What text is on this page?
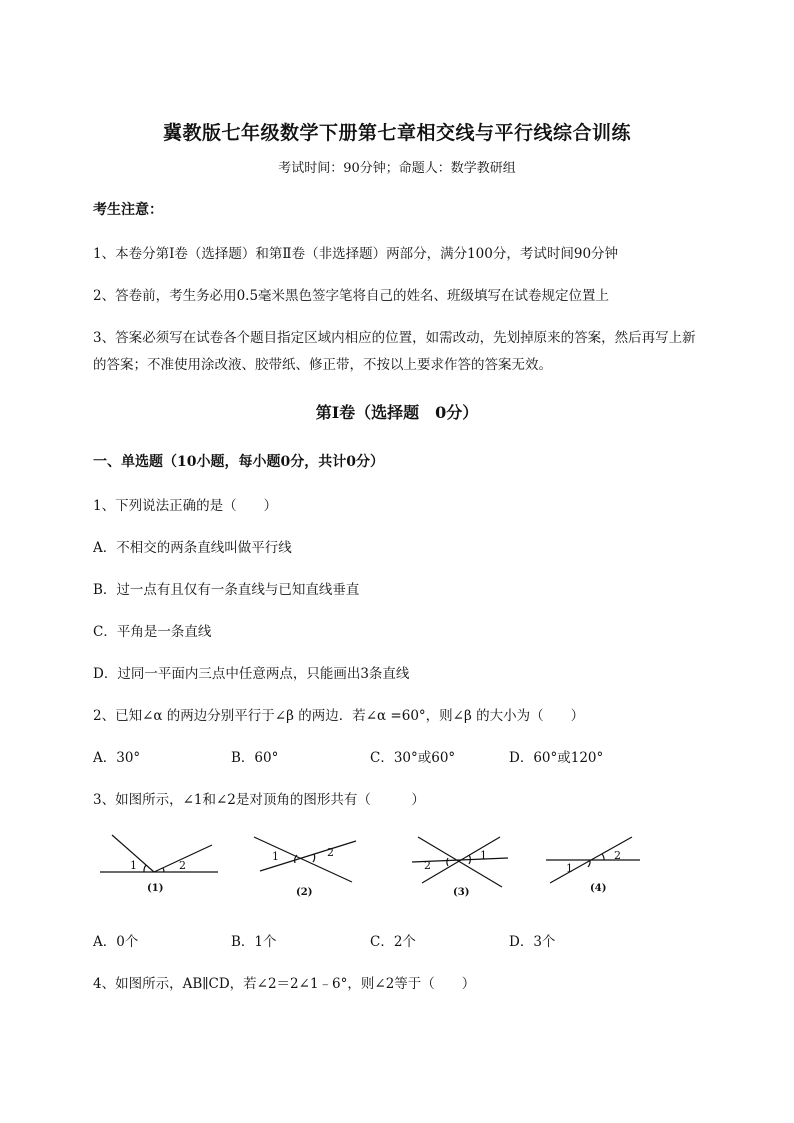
冀教版七年级数学下册第七章相交线与平行线综合训练
考试时间：90分钟；命题人：数学教研组
考生注意：
1、本卷分第Ⅰ卷（选择题）和第Ⅱ卷（非选择题）两部分，满分100分，考试时间90分钟
2、答卷前，考生务必用0.5毫米黑色签字笔将自己的姓名、班级填写在试卷规定位置上
3、答案必须写在试卷各个题目指定区域内相应的位置，如需改动，先划掉原来的答案，然后再写上新
的答案；不准使用涂改液、胶带纸、修正带，不按以上要求作答的答案无效。
第Ⅰ卷（选择题　0分）
一、单选题（10小题，每小题0分，共计0分）
1、下列说法正确的是（　　）
A．不相交的两条直线叫做平行线
B．过一点有且仅有一条直线与已知直线垂直
C．平角是一条直线
D．过同一平面内三点中任意两点，只能画出3条直线
2、已知∠α 的两边分别平行于∠β 的两边．若∠α =60°，则∠β 的大小为（　　）
A．30°	B．60°	C．30°或60°	D．60°或120°
3、如图所示，∠1和∠2是对顶角的图形共有（　　　）
1	2
(1)
1	2
(2)
2
1
(3)
1
2
(4)
A．0个	B．1个	C．2个	D．3个
4、如图所示，AB∥CD，若∠2＝2∠1﹣6°，则∠2等于（　　）
